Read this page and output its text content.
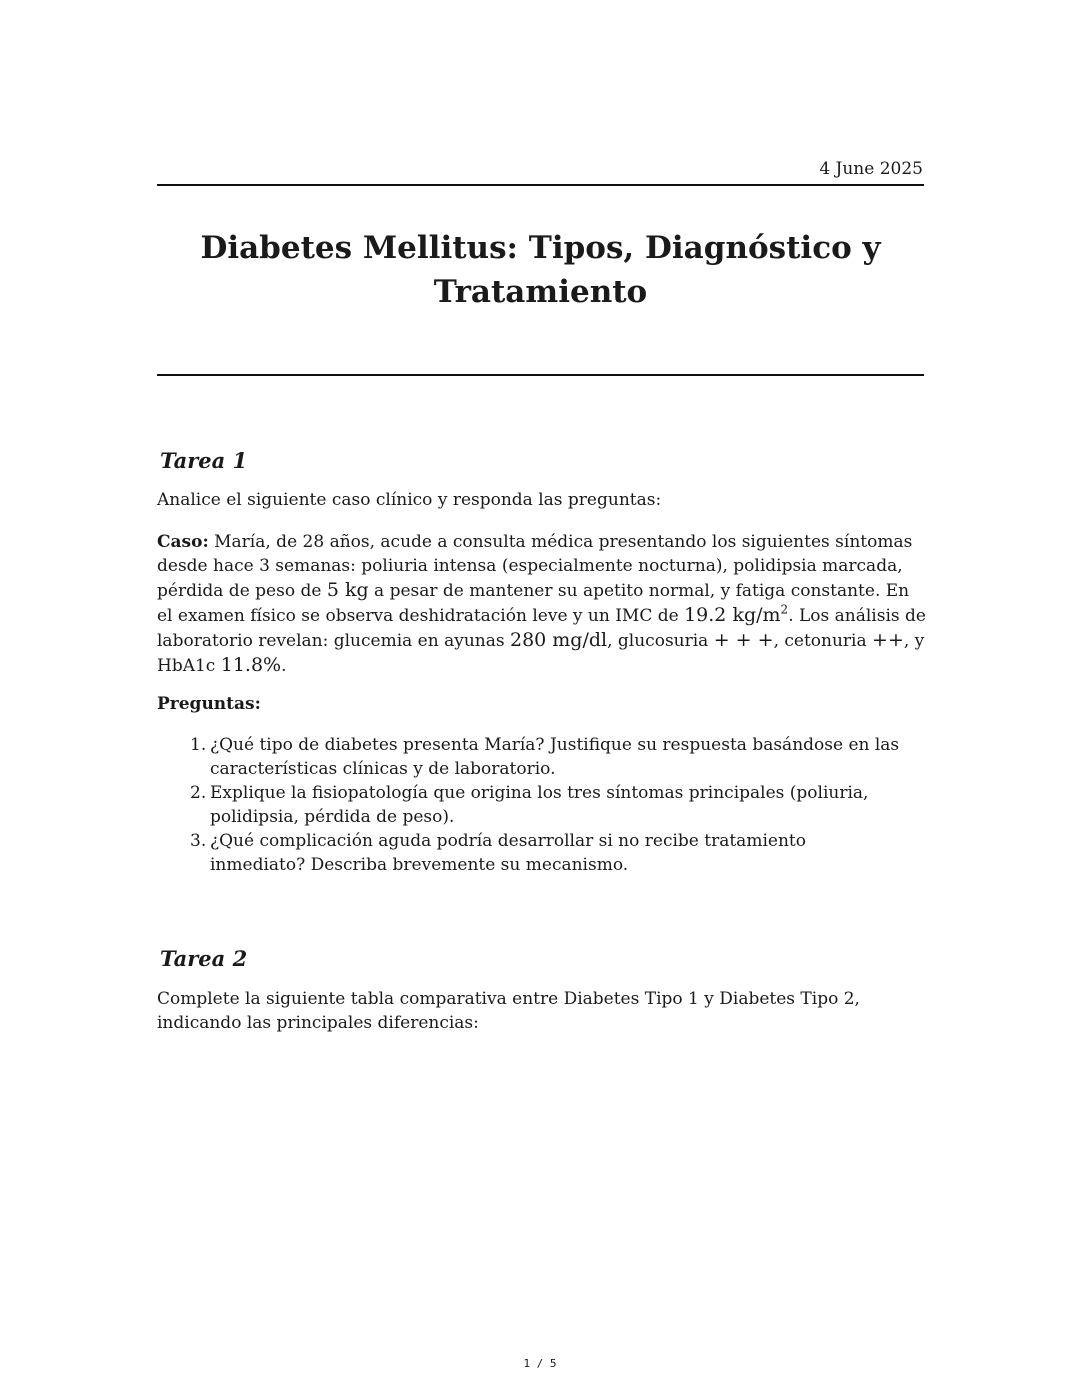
4 June 2025
Diabetes Mellitus: Tipos, Diagnóstico y Tratamiento
Tarea 1

Analice el siguiente caso clínico y responda las preguntas:

Caso: María, de 28 años, acude a consulta médica presentando los siguientes síntomas desde hace 3 semanas: poliuria intensa (especialmente nocturna), polidipsia marcada, pérdida de peso de 5 kg a pesar de mantener su apetito normal, y fatiga constante. En el examen físico se observa deshidratación leve y un IMC de 19.2 $kg/m^2$. Los análisis de laboratorio revelan: glucemia en ayunas 280 mg/dl, glucosuria + + +, cetonuria ++, y HbA1c 11.8%.

Preguntas:

1. ¿Qué tipo de diabetes presenta María? Justifique su respuesta basándose en las características clínicas y de laboratorio.
2. Explique la fisiopatología que origina los tres síntomas principales (poliuria, polidipsia, pérdida de peso).
3. ¿Qué complicación aguda podría desarrollar si no recibe tratamiento inmediato? Describa brevemente su mecanismo.
Tarea 2

Complete la siguiente tabla comparativa entre Diabetes Tipo 1 y Diabetes Tipo 2, indicando las principales diferencias:

1 / 5
